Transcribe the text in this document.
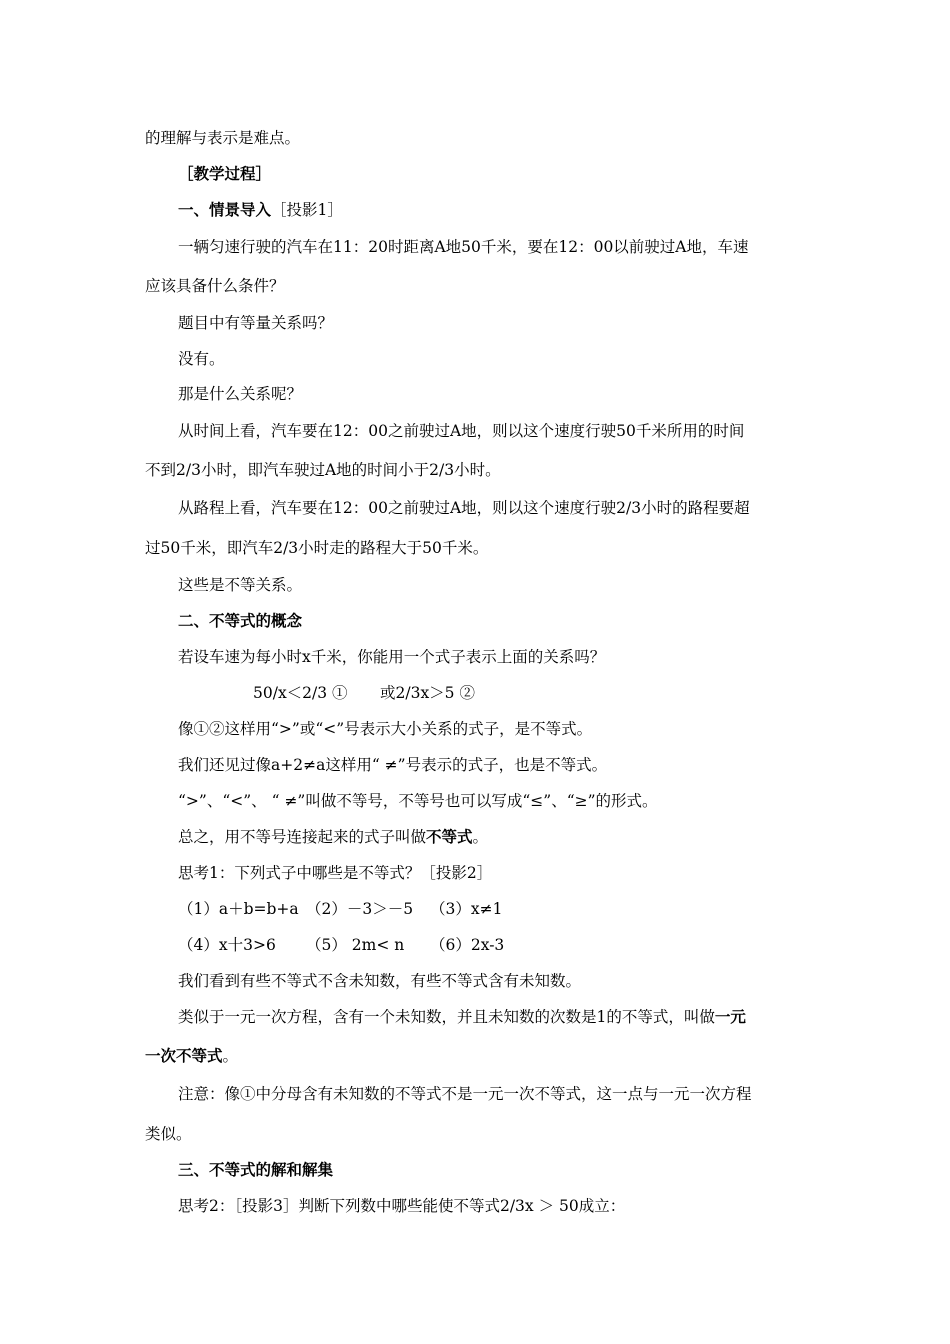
的理解与表示是难点。
［教学过程］
一、情景导入［投影1］
一辆匀速行驶的汽车在11：20时距离A地50千米，要在12：00以前驶过A地，车速
应该具备什么条件？
题目中有等量关系吗？
没有。
那是什么关系呢？
从时间上看，汽车要在12：00之前驶过A地，则以这个速度行驶50千米所用的时间
不到2/3小时，即汽车驶过A地的时间小于2/3小时。
从路程上看，汽车要在12：00之前驶过A地，则以这个速度行驶2/3小时的路程要超
过50千米，即汽车2/3小时走的路程大于50千米。
这些是不等关系。
二、不等式的概念
若设车速为每小时x千米，你能用一个式子表示上面的关系吗？
50/x＜2/3 ① 或2/3x＞5 ②
像①②这样用“>”或“<”号表示大小关系的式子，是不等式。
我们还见过像a+2≠a这样用“ ≠”号表示的式子，也是不等式。
“>”、“<”、 “ ≠”叫做不等号，不等号也可以写成“≤”、“≥”的形式。
总之，用不等号连接起来的式子叫做不等式。
思考1：下列式子中哪些是不等式？［投影2］
（1）a＋b=b+a （2）－3＞－5 （3）x≠1
（4）x十3>6 （5） 2m< n （6）2x-3
我们看到有些不等式不含未知数，有些不等式含有未知数。
类似于一元一次方程，含有一个未知数，并且未知数的次数是1的不等式，叫做一元
一次不等式。
注意：像①中分母含有未知数的不等式不是一元一次不等式，这一点与一元一次方程
类似。
三、不等式的解和解集
思考2：［投影3］判断下列数中哪些能使不等式2/3x ＞ 50成立：
